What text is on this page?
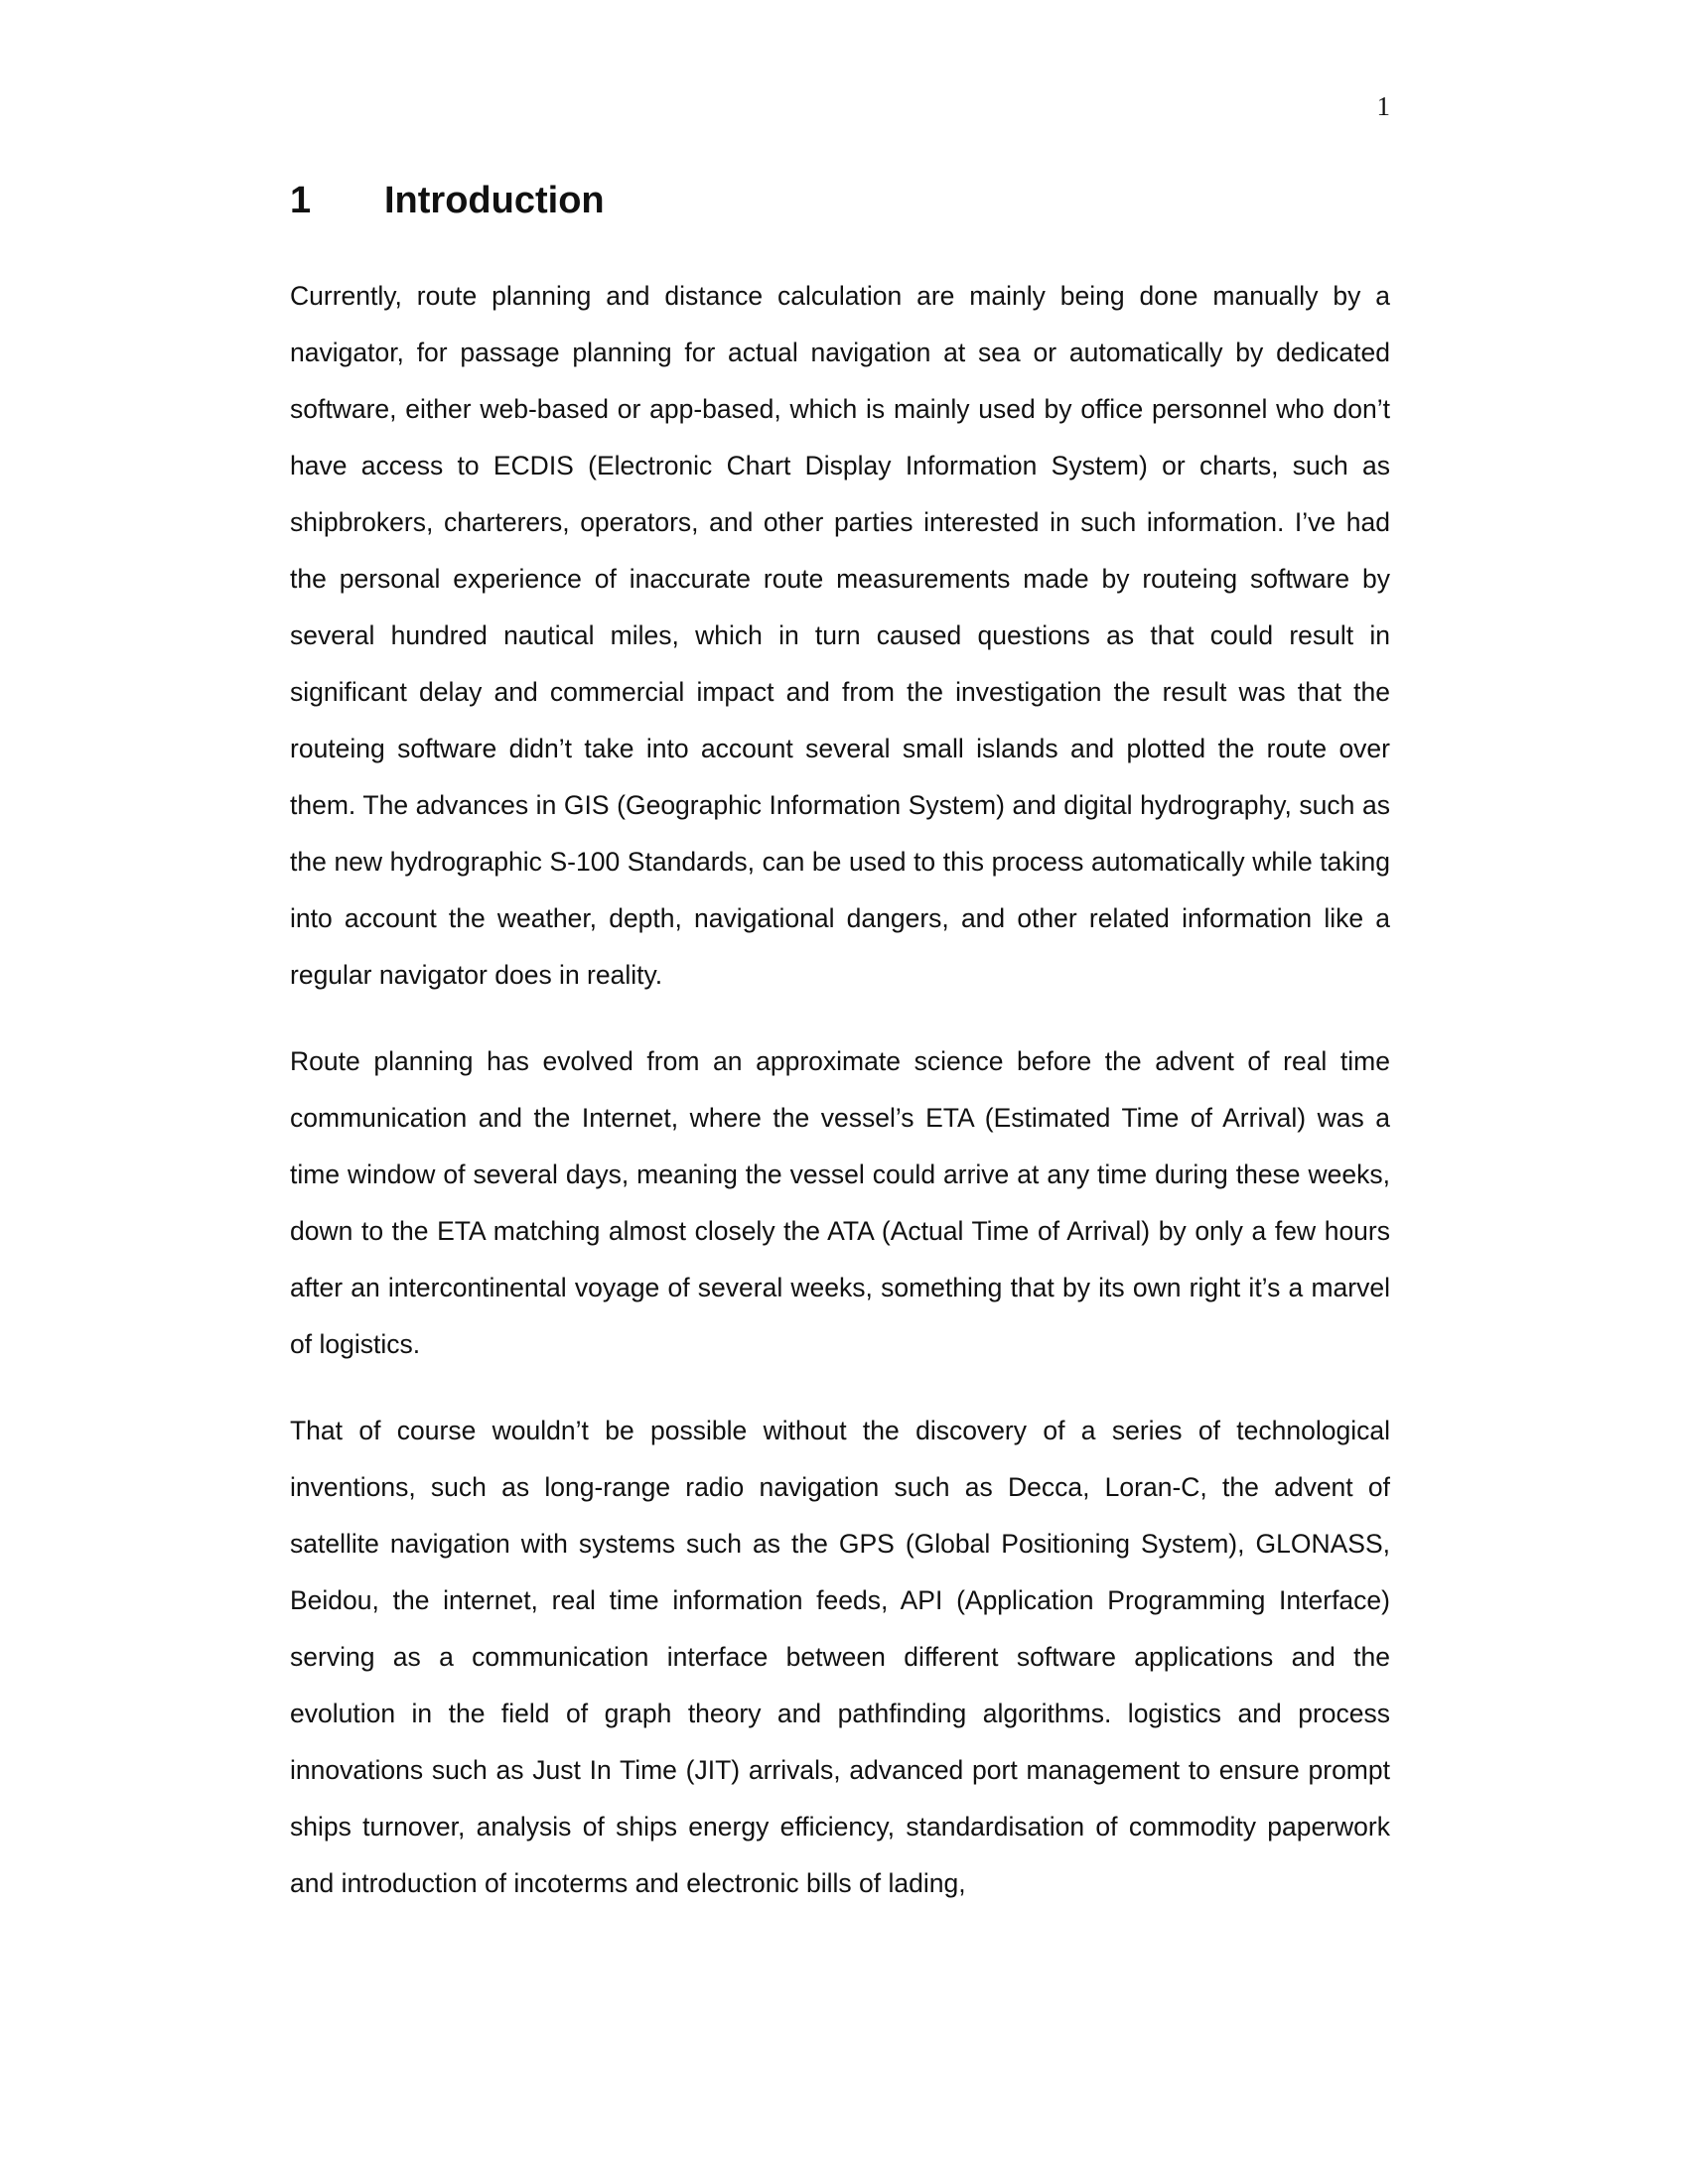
1
1	Introduction

Currently, route planning and distance calculation are mainly being done manually by a navigator, for passage planning for actual navigation at sea or automatically by dedicated software, either web-based or app-based, which is mainly used by office personnel who don’t have access to ECDIS (Electronic Chart Display Information System) or charts, such as shipbrokers, charterers, operators, and other parties interested in such information. I’ve had the personal experience of inaccurate route measurements made by routeing software by several hundred nautical miles, which in turn caused questions as that could result in significant delay and commercial impact and from the investigation the result was that the routeing software didn’t take into account several small islands and plotted the route over them. The advances in GIS (Geographic Information System) and digital hydrography, such as the new hydrographic S-100 Standards, can be used to this process automatically while taking into account the weather, depth, navigational dangers, and other related information like a regular navigator does in reality.

Route planning has evolved from an approximate science before the advent of real time communication and the Internet, where the vessel’s ETA (Estimated Time of Arrival) was a time window of several days, meaning the vessel could arrive at any time during these weeks, down to the ETA matching almost closely the ATA (Actual Time of Arrival) by only a few hours after an intercontinental voyage of several weeks, something that by its own right it’s a marvel of logistics.

That of course wouldn’t be possible without the discovery of a series of technological inventions, such as long-range radio navigation such as Decca, Loran-C, the advent of satellite navigation with systems such as the GPS (Global Positioning System), GLONASS, Beidou, the internet, real time information feeds, API (Application Programming Interface) serving as a communication interface between different software applications and the evolution in the field of graph theory and pathfinding algorithms. logistics and process innovations such as Just In Time (JIT) arrivals, advanced port management to ensure prompt ships turnover, analysis of ships energy efficiency, standardisation of commodity paperwork and introduction of incoterms and electronic bills of lading,
